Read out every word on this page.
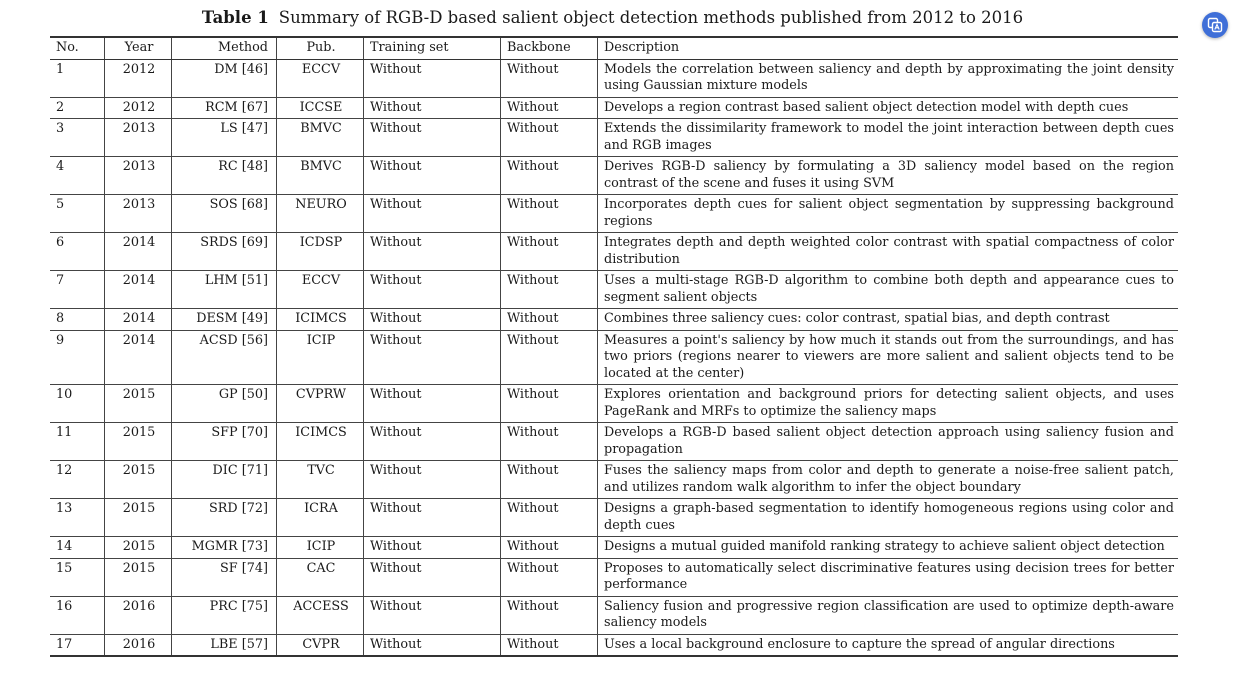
Table 1 Summary of RGB-D based salient object detection methods published from 2012 to 2016
No.	Year	Method	Pub.	Training set	Backbone	Description
1	2012	DM [46]	ECCV	Without	Without	Models the correlation between saliency and depth by approximating the joint density using Gaussian mixture models
2	2012	RCM [67]	ICCSE	Without	Without	Develops a region contrast based salient object detection model with depth cues
3	2013	LS [47]	BMVC	Without	Without	Extends the dissimilarity framework to model the joint interaction between depth cues and RGB images
4	2013	RC [48]	BMVC	Without	Without	Derives RGB-D saliency by formulating a 3D saliency model based on the region contrast of the scene and fuses it using SVM
5	2013	SOS [68]	NEURO	Without	Without	Incorporates depth cues for salient object segmentation by suppressing background regions
6	2014	SRDS [69]	ICDSP	Without	Without	Integrates depth and depth weighted color contrast with spatial compactness of color distribution
7	2014	LHM [51]	ECCV	Without	Without	Uses a multi-stage RGB-D algorithm to combine both depth and appearance cues to segment salient objects
8	2014	DESM [49]	ICIMCS	Without	Without	Combines three saliency cues: color contrast, spatial bias, and depth contrast
9	2014	ACSD [56]	ICIP	Without	Without	Measures a point's saliency by how much it stands out from the surroundings, and has two priors (regions nearer to viewers are more salient and salient objects tend to be located at the center)
10	2015	GP [50]	CVPRW	Without	Without	Explores orientation and background priors for detecting salient objects, and uses PageRank and MRFs to optimize the saliency maps
11	2015	SFP [70]	ICIMCS	Without	Without	Develops a RGB-D based salient object detection approach using saliency fusion and propagation
12	2015	DIC [71]	TVC	Without	Without	Fuses the saliency maps from color and depth to generate a noise-free salient patch, and utilizes random walk algorithm to infer the object boundary
13	2015	SRD [72]	ICRA	Without	Without	Designs a graph-based segmentation to identify homogeneous regions using color and depth cues
14	2015	MGMR [73]	ICIP	Without	Without	Designs a mutual guided manifold ranking strategy to achieve salient object detection
15	2015	SF [74]	CAC	Without	Without	Proposes to automatically select discriminative features using decision trees for better performance
16	2016	PRC [75]	ACCESS	Without	Without	Saliency fusion and progressive region classification are used to optimize depth-aware saliency models
17	2016	LBE [57]	CVPR	Without	Without	Uses a local background enclosure to capture the spread of angular directions
